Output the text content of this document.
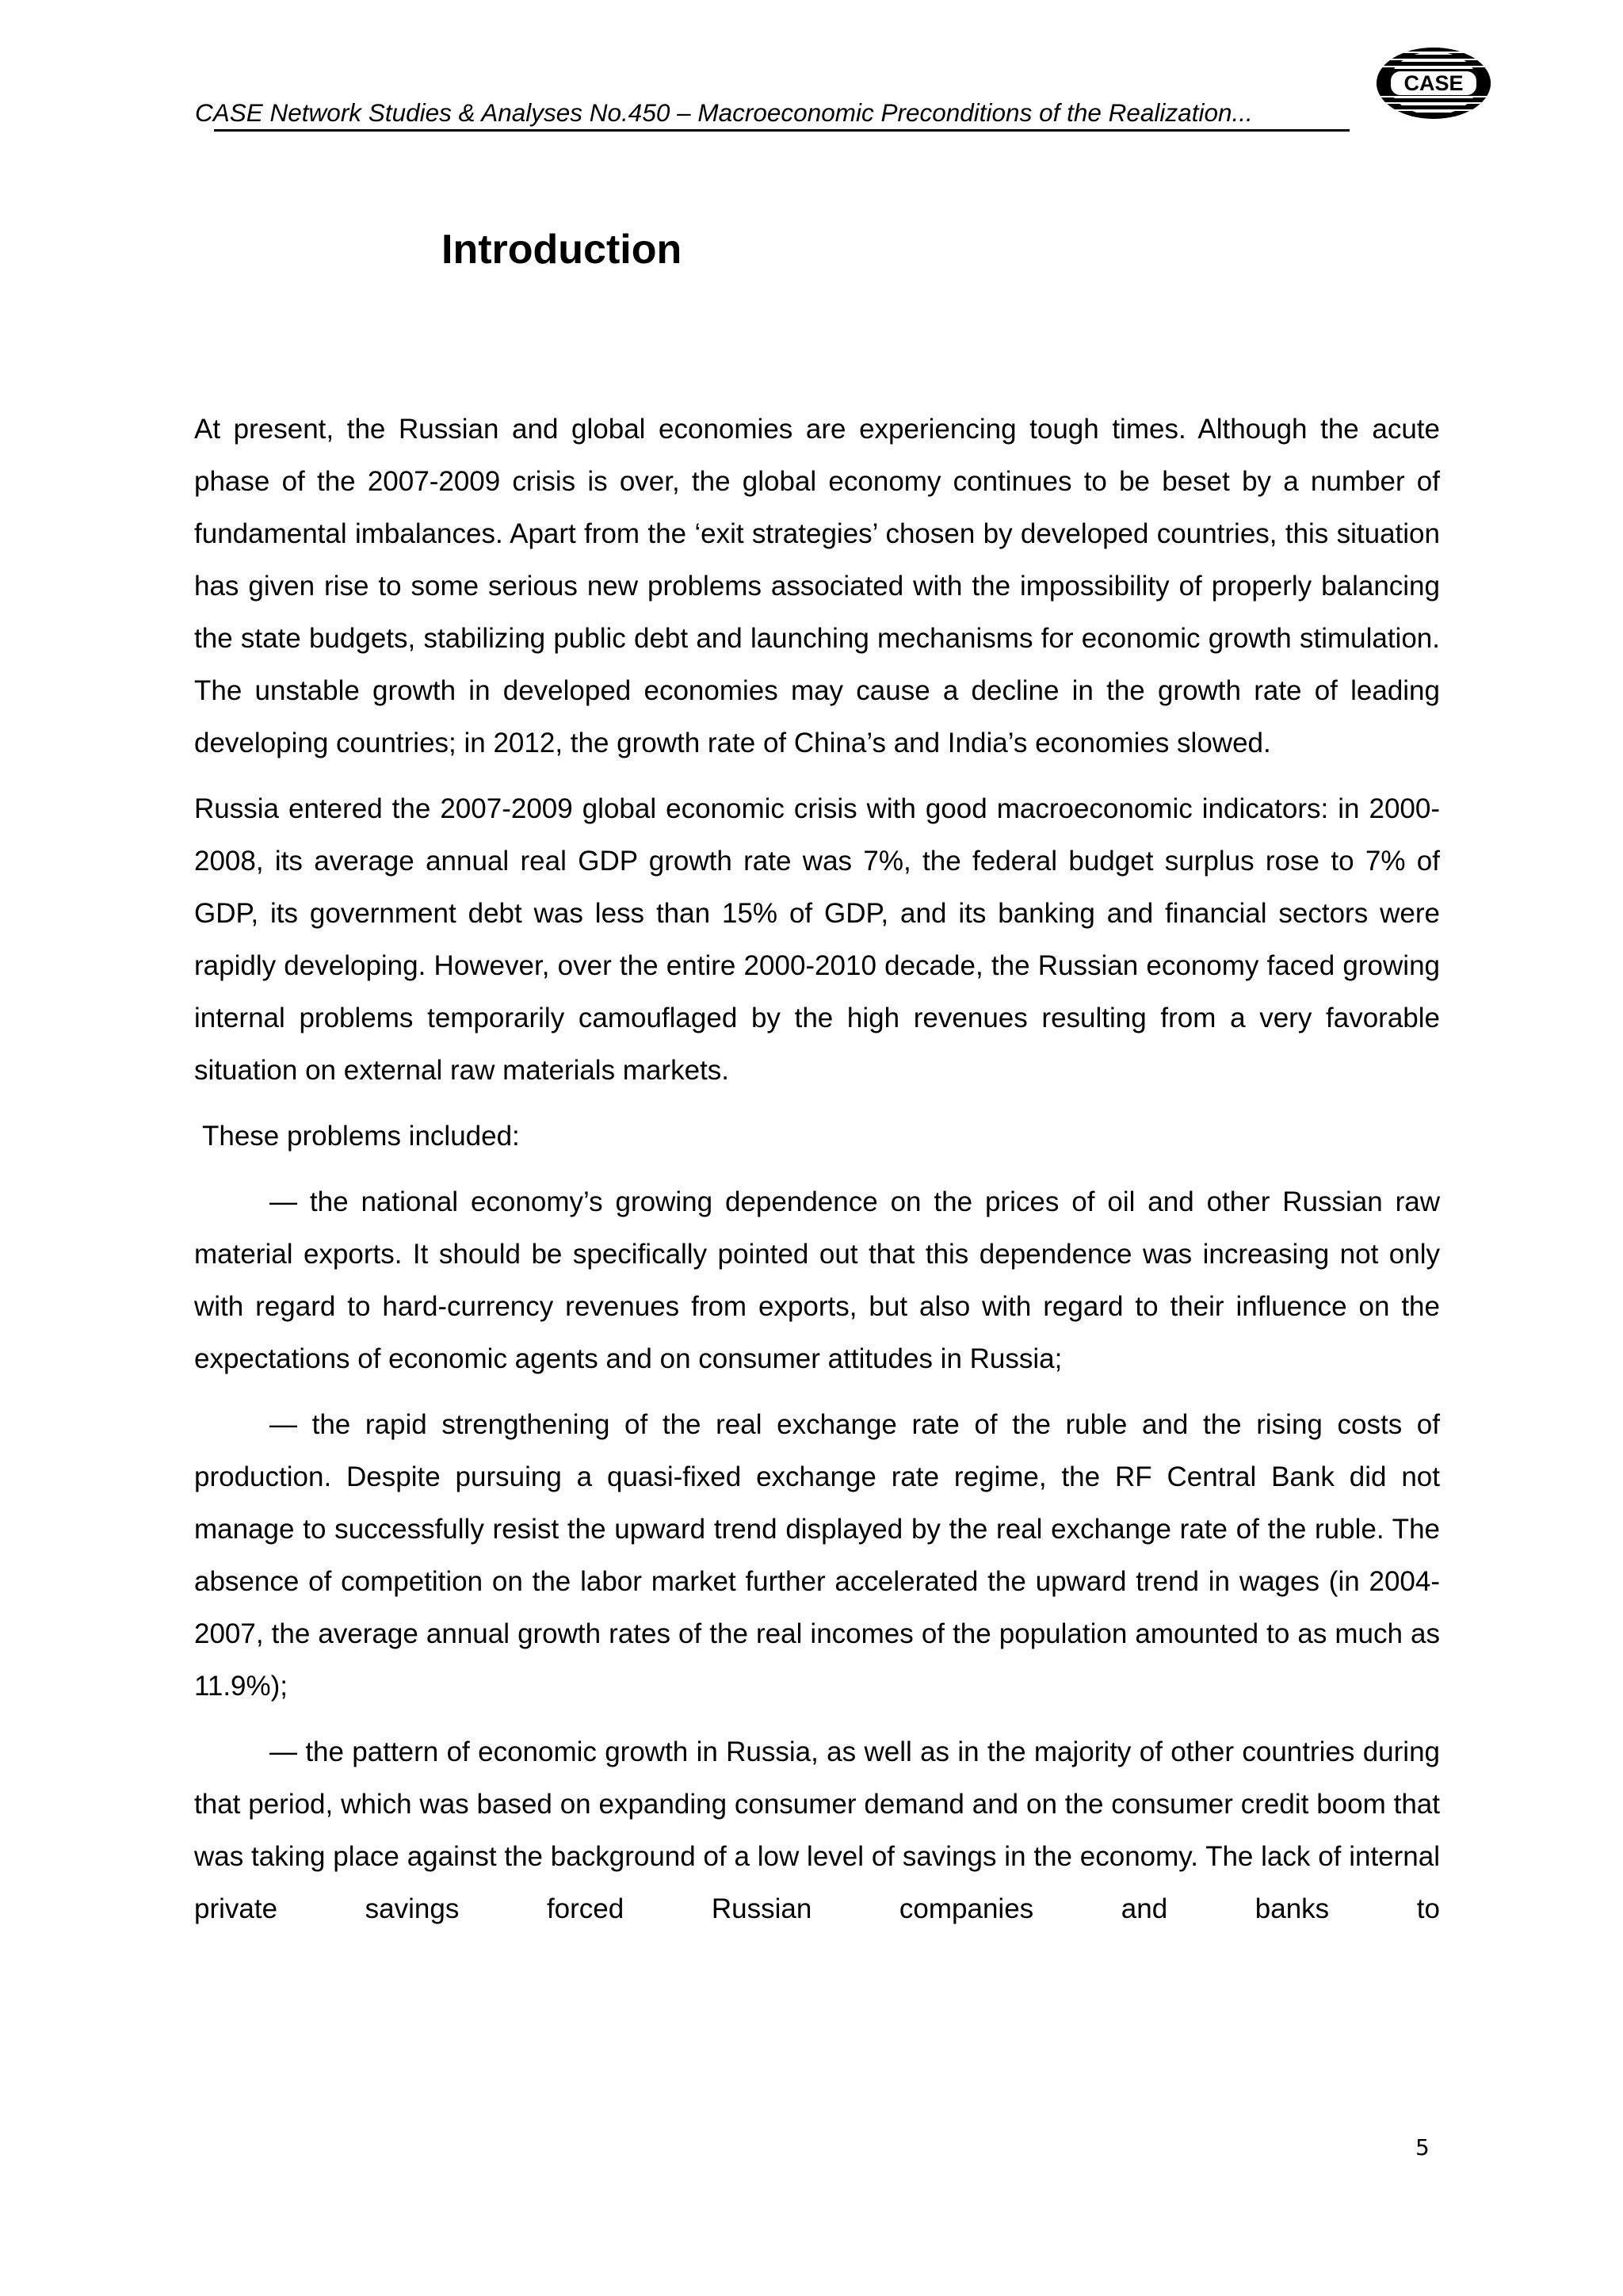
CASE Network Studies & Analyses No.450 – Macroeconomic Preconditions of the Realization...
CASE
Introduction

At present, the Russian and global economies are experiencing tough times. Although the acute phase of the 2007-2009 crisis is over, the global economy continues to be beset by a number of fundamental imbalances. Apart from the ‘exit strategies’ chosen by developed countries, this situation has given rise to some serious new problems associated with the impossibility of properly balancing the state budgets, stabilizing public debt and launching mechanisms for economic growth stimulation. The unstable growth in developed economies may cause a decline in the growth rate of leading developing countries; in 2012, the growth rate of China’s and India’s economies slowed.

Russia entered the 2007-2009 global economic crisis with good macroeconomic indicators: in 2000-2008, its average annual real GDP growth rate was 7%, the federal budget surplus rose to 7% of GDP, its government debt was less than 15% of GDP, and its banking and financial sectors were rapidly developing. However, over the entire 2000-2010 decade, the Russian economy faced growing internal problems temporarily camouflaged by the high revenues resulting from a very favorable situation on external raw materials markets.

These problems included:

— the national economy’s growing dependence on the prices of oil and other Russian raw material exports. It should be specifically pointed out that this dependence was increasing not only with regard to hard-currency revenues from exports, but also with regard to their influence on the expectations of economic agents and on consumer attitudes in Russia;

— the rapid strengthening of the real exchange rate of the ruble and the rising costs of production. Despite pursuing a quasi-fixed exchange rate regime, the RF Central Bank did not manage to successfully resist the upward trend displayed by the real exchange rate of the ruble. The absence of competition on the labor market further accelerated the upward trend in wages (in 2004-2007, the average annual growth rates of the real incomes of the population amounted to as much as 11.9%);

— the pattern of economic growth in Russia, as well as in the majority of other countries during that period, which was based on expanding consumer demand and on the consumer credit boom that was taking place against the background of a low level of savings in the economy. The lack of internal private savings forced Russian companies and banks to

5
